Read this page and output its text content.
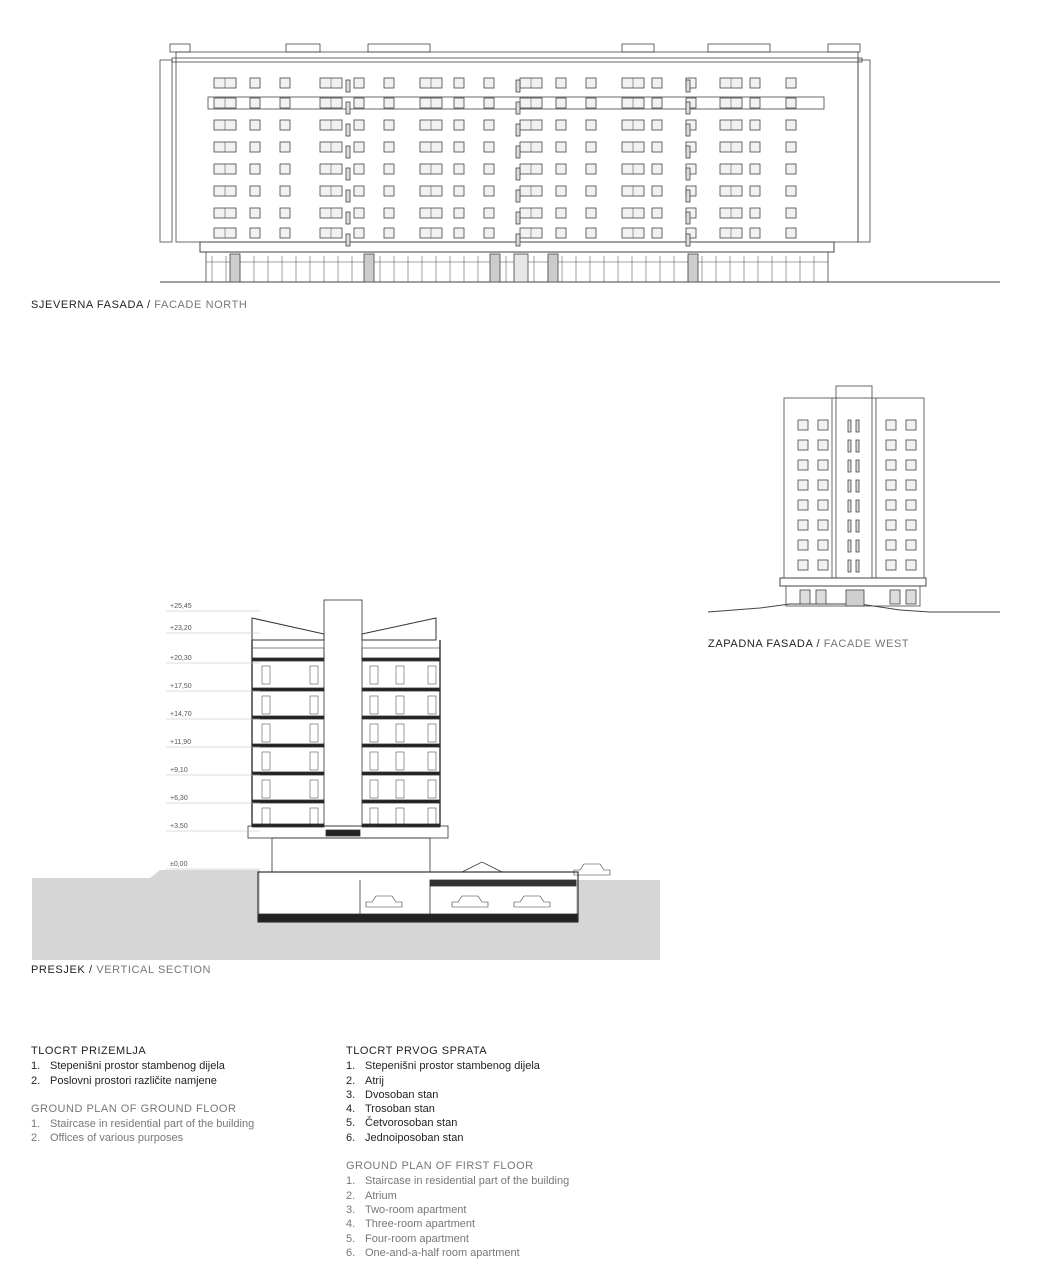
SJEVERNA FASADA / FACADE NORTH
ZAPADNA FASADA / FACADE WEST
+25,45
+23,20
+20,30
+17,50
+14,70
+11,90
+9,10
+6,30
+3,50
±0,00
PRESJEK / VERTICAL SECTION
TLOCRT PRIZEMLJA
1. Stepenišni prostor stambenog dijela
2. Poslovni prostori različite namjene
GROUND PLAN OF GROUND FLOOR
1. Staircase in residential part of the building
2. Offices of various purposes
TLOCRT PRVOG SPRATA
1. Stepenišni prostor stambenog dijela
2. Atrij
3. Dvosoban stan
4. Trosoban stan
5. Četvorosoban stan
6. Jednoiposoban stan
GROUND PLAN OF FIRST FLOOR
1. Staircase in residential part of the building
2. Atrium
3. Two-room apartment
4. Three-room apartment
5. Four-room apartment
6. One-and-a-half room apartment
